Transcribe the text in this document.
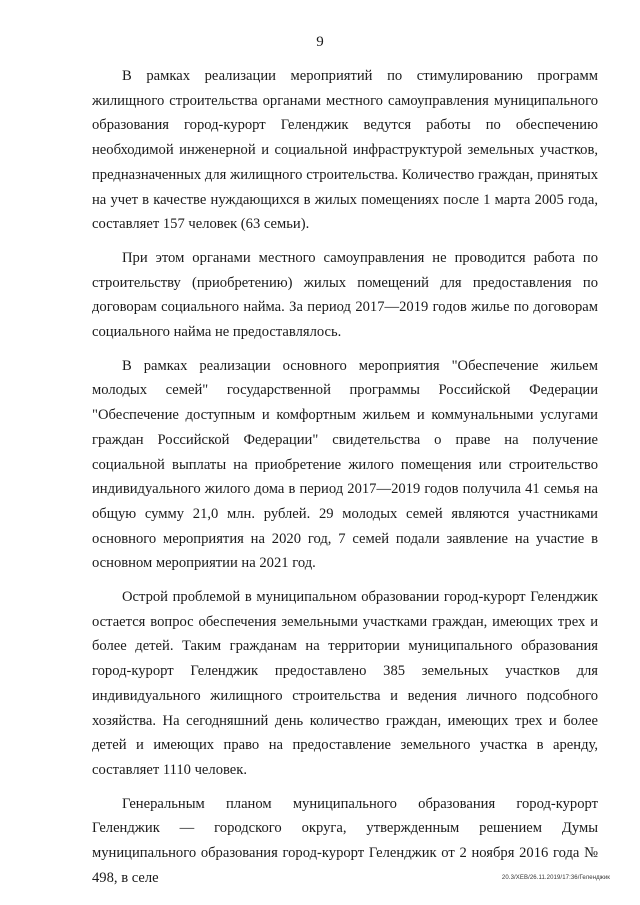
9

В рамках реализации мероприятий по стимулированию программ жилищного строительства органами местного самоуправления муниципального образования город-курорт Геленджик ведутся работы по обеспечению необходимой инженерной и социальной инфраструктурой земельных участков, предназначенных для жилищного строительства. Количество граждан, принятых на учет в качестве нуждающихся в жилых помещениях после 1 марта 2005 года, составляет 157 человек (63 семьи).

При этом органами местного самоуправления не проводится работа по строительству (приобретению) жилых помещений для предоставления по договорам социального найма. За период 2017—2019 годов жилье по договорам социального найма не предоставлялось.

В рамках реализации основного мероприятия "Обеспечение жильем молодых семей" государственной программы Российской Федерации "Обеспечение доступным и комфортным жильем и коммунальными услугами граждан Российской Федерации" свидетельства о праве на получение социальной выплаты на приобретение жилого помещения или строительство индивидуального жилого дома в период 2017—2019 годов получила 41 семья на общую сумму 21,0 млн. рублей. 29 молодых семей являются участниками основного мероприятия на 2020 год, 7 семей подали заявление на участие в основном мероприятии на 2021 год.

Острой проблемой в муниципальном образовании город-курорт Геленджик остается вопрос обеспечения земельными участками граждан, имеющих трех и более детей. Таким гражданам на территории муниципального образования город-курорт Геленджик предоставлено 385 земельных участков для индивидуального жилищного строительства и ведения личного подсобного хозяйства. На сегодняшний день количество граждан, имеющих трех и более детей и имеющих право на предоставление земельного участка в аренду, составляет 1110 человек.

Генеральным планом муниципального образования город-курорт Геленджик — городского округа, утвержденным решением Думы муниципального образования город-курорт Геленджик от 2 ноября 2016 года № 498, в селе	20.3/ХЕВ/26.11.2019/17:36/Геленджик
